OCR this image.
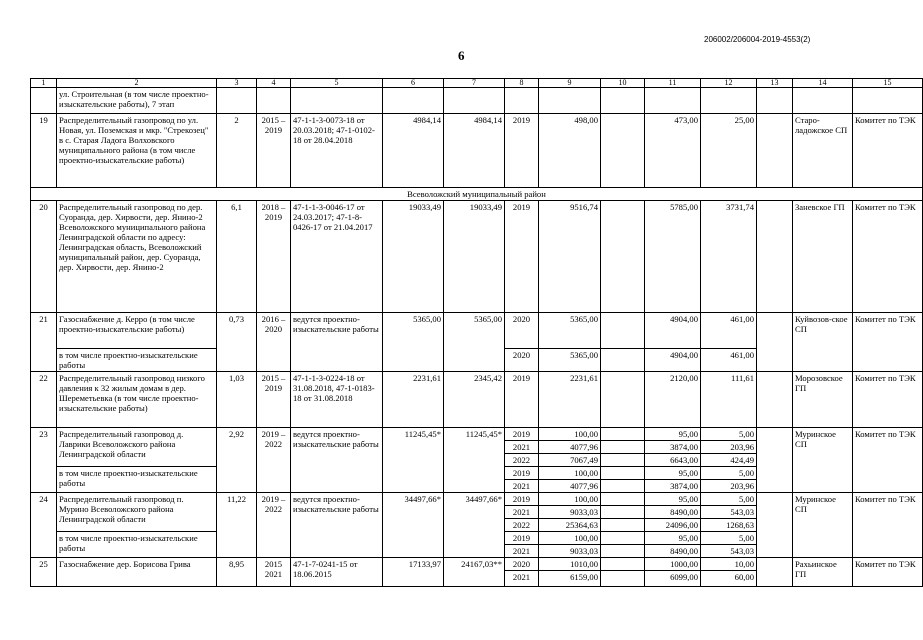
206002/206004-2019-4553(2)
6
1	2	3	4	5	6	7	8	9	10	11	12	13	14	15
	ул. Строительная (в том числе проектно-изыскательские работы), 7 этап													
19	Распределительный газопровод по ул. Новая, ул. Поземская и мкр. "Стрекозец" в с. Старая Ладога Волховского муниципального района (в том числе проектно-изыскательские работы)	2	2015 – 2019	47-1-1-3-0073-18 от 20.03.2018; 47-1-0102-18 от 28.04.2018	4984,14	4984,14	2019	498,00		473,00	25,00		Старо-ладожское СП	Комитет по ТЭК
Всеволожский муниципальный район														
20	Распределительный газопровод по дер. Суоранда, дер. Хирвости, дер. Янино-2 Всеволожского муниципального района Ленинградской области по адресу: Ленинградская область, Всеволожский муниципальный район, дер. Суоранда, дер. Хирвости, дер. Янино-2	6,1	2018 – 2019	47-1-1-3-0046-17 от 24.03.2017; 47-1-8-0426-17 от 21.04.2017	19033,49	19033,49	2019	9516,74		5785,00	3731,74		Заневское ГП	Комитет по ТЭК
21	Газоснабжение д. Керро (в том числе проектно-изыскательские работы)	0,73	2016 – 2020	ведутся проектно-изыскательские работы	5365,00	5365,00	2020	5365,00		4904,00	461,00		Куйвозов-ское СП	Комитет по ТЭК
	в том числе проектно-изыскательские работы						2020	5365,00		4904,00	461,00			
22	Распределительный газопровод низкого давления к 32 жилым домам в дер. Шереметьевка (в том числе проектно-изыскательские работы)	1,03	2015 – 2019	47-1-1-3-0224-18 от 31.08.2018, 47-1-0183-18 от 31.08.2018	2231,61	2345,42	2019	2231,61		2120,00	111,61		Морозовское ГП	Комитет по ТЭК
23	Распределительный газопровод д. Лаврики Всеволожского района Ленинградской области	2,92	2019 – 2022	ведутся проектно-изыскательские работы	11245,45*	11245,45*	2019	100,00		95,00	5,00		Муринское СП	Комитет по ТЭК
							2021	4077,96		3874,00	203,96			
							2022	7067,49		6643,00	424,49			
	в том числе проектно-изыскательские работы						2019	100,00		95,00	5,00			
							2021	4077,96		3874,00	203,96			
24	Распределительный газопровод п. Мурино Всеволожского района Ленинградской области	11,22	2019 – 2022	ведутся проектно-изыскательские работы	34497,66*	34497,66*	2019	100,00		95,00	5,00		Муринское СП	Комитет по ТЭК
							2021	9033,03		8490,00	543,03			
							2022	25364,63		24096,00	1268,63			
	в том числе проектно-изыскательские работы						2019	100,00		95,00	5,00			
							2021	9033,03		8490,00	543,03			
25	Газоснабжение дер. Борисова Грива	8,95	2015 2021	47-1-7-0241-15 от 18.06.2015	17133,97	24167,03**	2020	1010,00		1000,00	10,00		Рахьинское ГП	Комитет по ТЭК
							2021	6159,00		6099,00	60,00			
